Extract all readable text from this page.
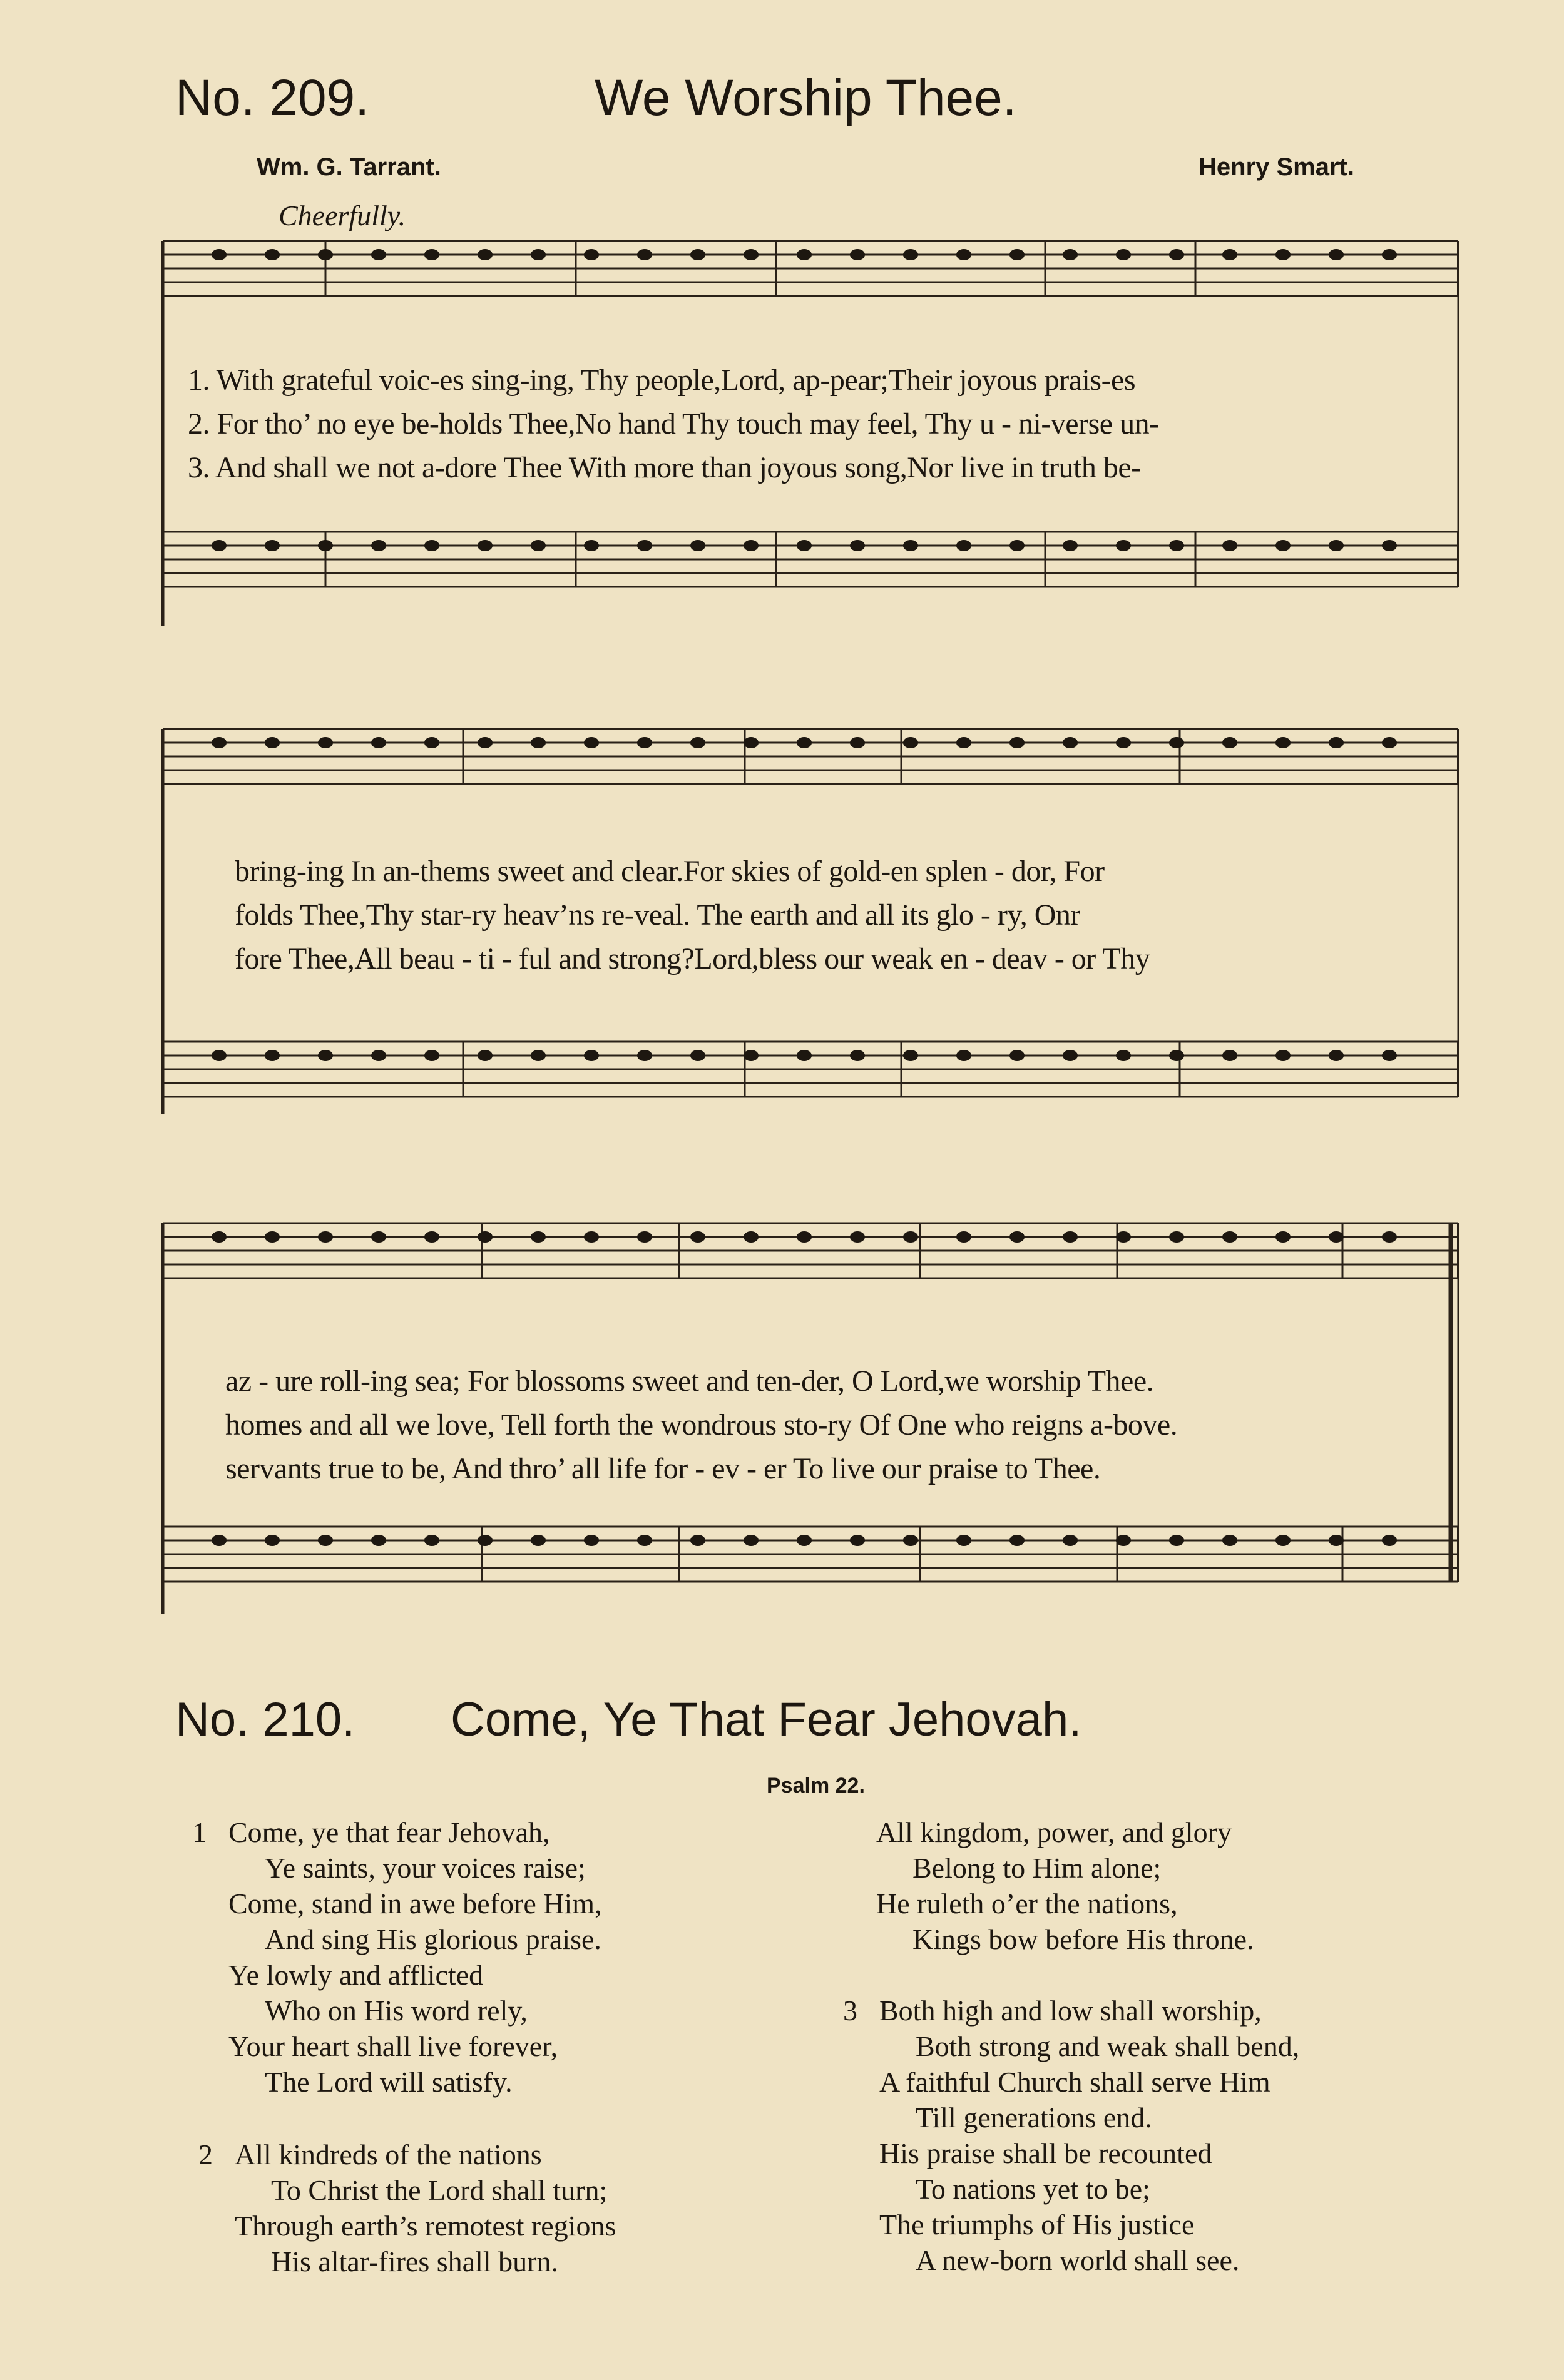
No. 209.	We Worship Thee.
Wm. G. Tarrant.	Henry Smart.
Cheerfully.
1. With grateful voic-es sing-ing, Thy people,Lord, ap-pear;Their joyous prais-es
2. For tho’ no eye be-holds Thee,No hand Thy touch may feel, Thy u - ni-verse un-
3. And shall we not a-dore Thee With more than joyous song,Nor live in truth be-
bring-ing In an-thems sweet and clear.For skies of gold-en splen - dor, For
folds Thee,Thy star-ry heav’ns re-veal. The earth and all its glo - ry, Onr
fore Thee,All beau - ti - ful and strong?Lord,bless our weak en - deav - or Thy
az - ure roll-ing sea; For blossoms sweet and ten-der, O Lord,we worship Thee.
homes and all we love, Tell forth the wondrous sto-ry Of One who reigns a-bove.
servants true to be, And thro’ all life for - ev - er To live our praise to Thee.
No. 210. Come, Ye That Fear Jehovah.
Psalm 22.
1 Come, ye that fear Jehovah,
Ye saints, your voices raise;
Come, stand in awe before Him,
And sing His glorious praise.
Ye lowly and afflicted
Who on His word rely,
Your heart shall live forever,
The Lord will satisfy.
2 All kindreds of the nations
To Christ the Lord shall turn;
Through earth’s remotest regions
His altar-fires shall burn.
All kingdom, power, and glory
Belong to Him alone;
He ruleth o’er the nations,
Kings bow before His throne.
3 Both high and low shall worship,
Both strong and weak shall bend,
A faithful Church shall serve Him
Till generations end.
His praise shall be recounted
To nations yet to be;
The triumphs of His justice
A new-born world shall see.
